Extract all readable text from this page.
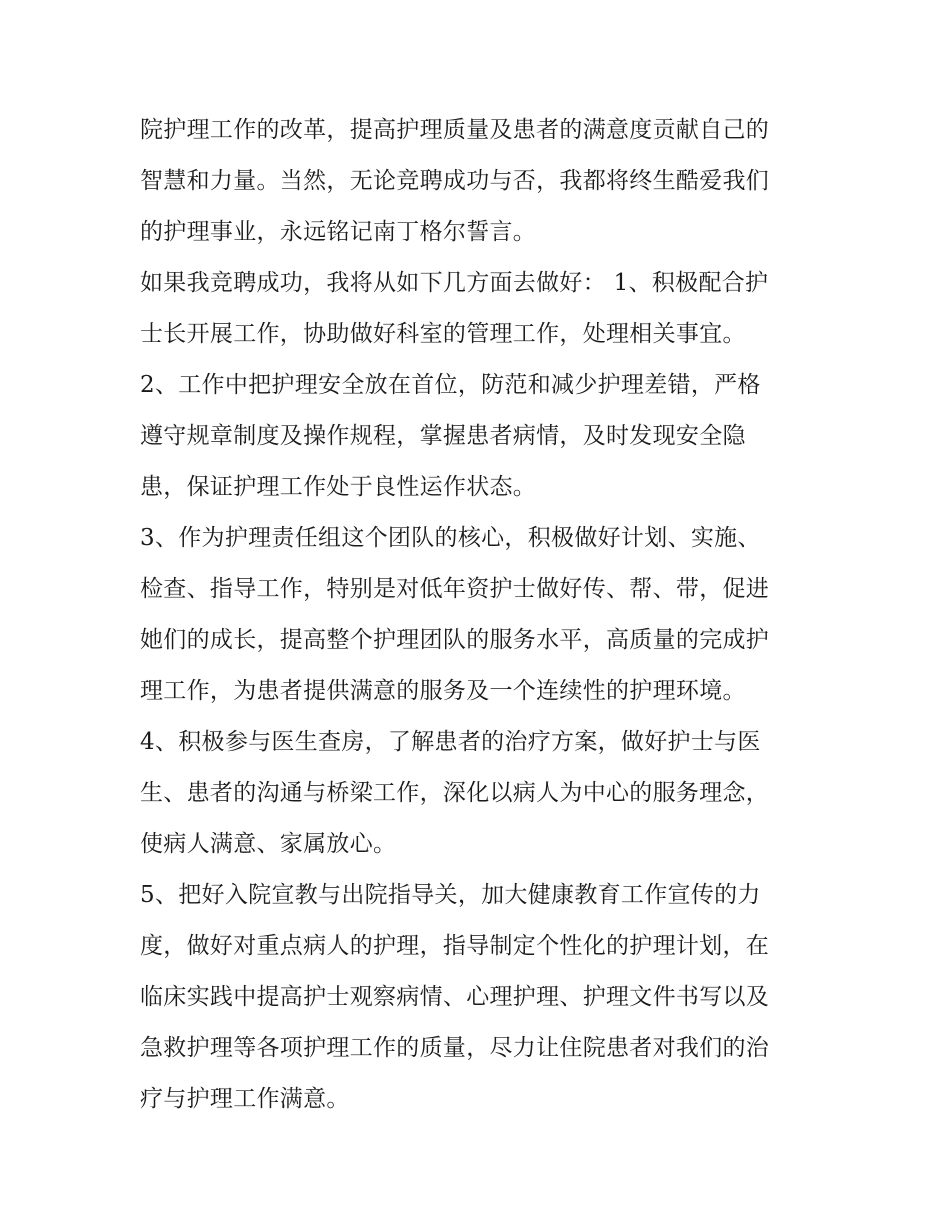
院护理工作的改革，提高护理质量及患者的满意度贡献自己的
智慧和力量。当然，无论竞聘成功与否，我都将终生酷爱我们
的护理事业，永远铭记南丁格尔誓言。
如果我竞聘成功，我将从如下几方面去做好： 1、积极配合护
士长开展工作，协助做好科室的管理工作，处理相关事宜。
2、工作中把护理安全放在首位，防范和减少护理差错，严格
遵守规章制度及操作规程，掌握患者病情，及时发现安全隐
患，保证护理工作处于良性运作状态。
3、作为护理责任组这个团队的核心，积极做好计划、实施、
检查、指导工作，特别是对低年资护士做好传、帮、带，促进
她们的成长，提高整个护理团队的服务水平，高质量的完成护
理工作，为患者提供满意的服务及一个连续性的护理环境。
4、积极参与医生查房，了解患者的治疗方案，做好护士与医
生、患者的沟通与桥梁工作，深化以病人为中心的服务理念，
使病人满意、家属放心。
5、把好入院宣教与出院指导关，加大健康教育工作宣传的力
度，做好对重点病人的护理，指导制定个性化的护理计划，在
临床实践中提高护士观察病情、心理护理、护理文件书写以及
急救护理等各项护理工作的质量，尽力让住院患者对我们的治
疗与护理工作满意。
